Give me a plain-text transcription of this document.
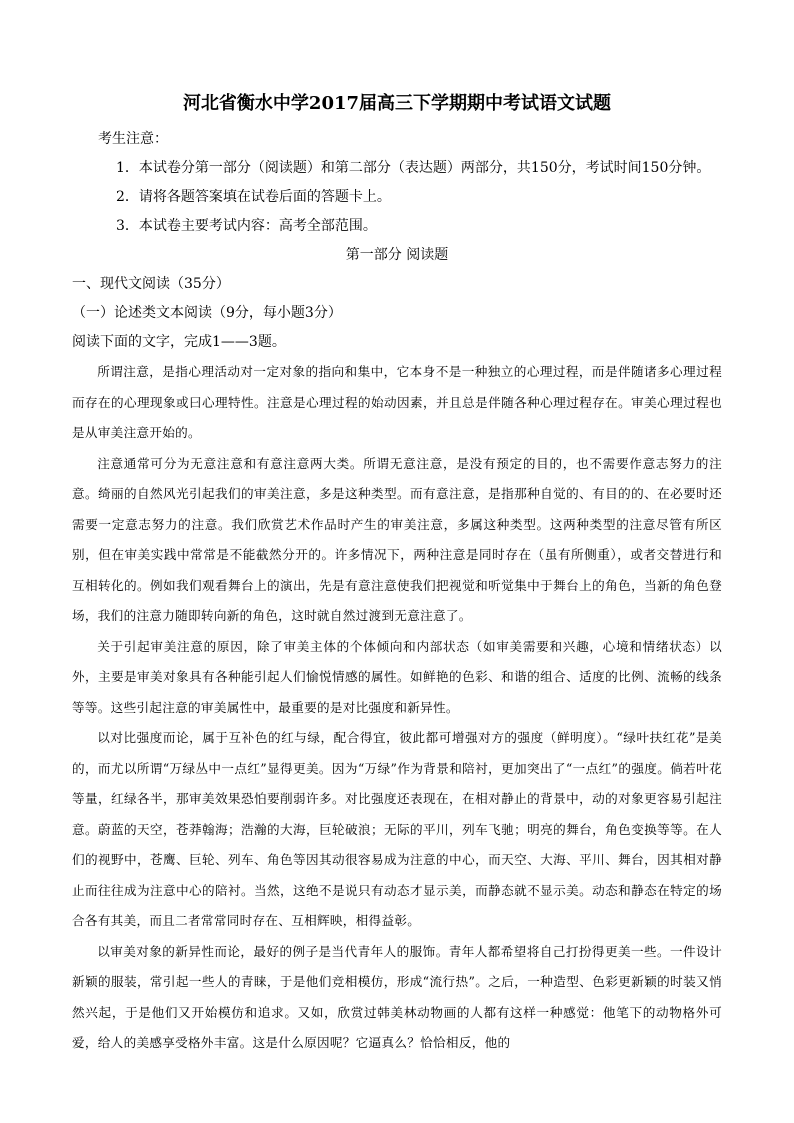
河北省衡水中学2017届高三下学期期中考试语文试题

考生注意：

1．本试卷分第一部分（阅读题）和第二部分（表达题）两部分，共150分，考试时间150分钟。

2．请将各题答案填在试卷后面的答题卡上。

3．本试卷主要考试内容：高考全部范围。

第一部分 阅读题

一、现代文阅读（35分）

（一）论述类文本阅读（9分，每小题3分）

阅读下面的文字，完成1——3题。

所谓注意，是指心理活动对一定对象的指向和集中，它本身不是一种独立的心理过程，而是伴随诸多心理过程而存在的心理现象或曰心理特性。注意是心理过程的始动因素，并且总是伴随各种心理过程存在。审美心理过程也是从审美注意开始的。

注意通常可分为无意注意和有意注意两大类。所谓无意注意，是没有预定的目的，也不需要作意志努力的注意。绮丽的自然风光引起我们的审美注意，多是这种类型。而有意注意，是指那种自觉的、有目的的、在必要时还需要一定意志努力的注意。我们欣赏艺术作品时产生的审美注意，多属这种类型。这两种类型的注意尽管有所区别，但在审美实践中常常是不能截然分开的。许多情况下，两种注意是同时存在（虽有所侧重），或者交替进行和互相转化的。例如我们观看舞台上的演出，先是有意注意使我们把视觉和听觉集中于舞台上的角色，当新的角色登场，我们的注意力随即转向新的角色，这时就自然过渡到无意注意了。

关于引起审美注意的原因，除了审美主体的个体倾向和内部状态（如审美需要和兴趣，心境和情绪状态）以外，主要是审美对象具有各种能引起人们愉悦情感的属性。如鲜艳的色彩、和谐的组合、适度的比例、流畅的线条等等。这些引起注意的审美属性中，最重要的是对比强度和新异性。

以对比强度而论，属于互补色的红与绿，配合得宜，彼此都可增强对方的强度（鲜明度）。“绿叶扶红花”是美的，而尤以所谓“万绿丛中一点红”显得更美。因为“万绿”作为背景和陪衬，更加突出了“一点红”的强度。倘若叶花等量，红绿各半，那审美效果恐怕要削弱许多。对比强度还表现在，在相对静止的背景中，动的对象更容易引起注意。蔚蓝的天空，苍莽翰海；浩瀚的大海，巨轮破浪；无际的平川，列车飞驰；明亮的舞台，角色变换等等。在人们的视野中，苍鹰、巨轮、列车、角色等因其动很容易成为注意的中心，而天空、大海、平川、舞台，因其相对静止而往往成为注意中心的陪衬。当然，这绝不是说只有动态才显示美，而静态就不显示美。动态和静态在特定的场合各有其美，而且二者常常同时存在、互相辉映，相得益彰。

以审美对象的新异性而论，最好的例子是当代青年人的服饰。青年人都希望将自己打扮得更美一些。一件设计新颖的服装，常引起一些人的青睐，于是他们竞相模仿，形成“流行热”。之后，一种造型、色彩更新颖的时装又悄然兴起，于是他们又开始模仿和追求。又如，欣赏过韩美林动物画的人都有这样一种感觉：他笔下的动物格外可爱，给人的美感享受格外丰富。这是什么原因呢？它逼真么？恰恰相反，他的
